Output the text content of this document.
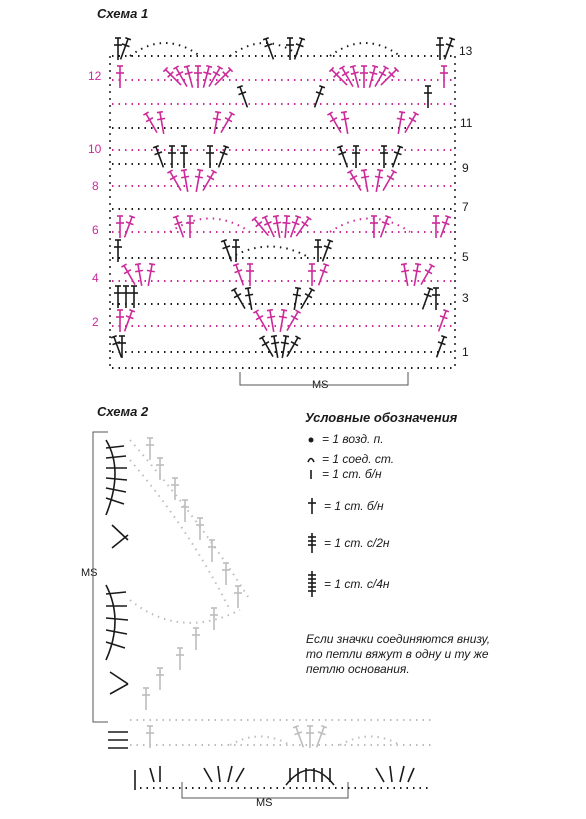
Схема 1
12
10
8
6
4
2
13
11
9
7
5
3
1
MS
Схема 2
MS
MS
Условные обозначения
= 1 возд. п.
= 1 соед. ст.
= 1 ст. б/н
= 1 ст. б/н
= 1 ст. с/2н
= 1 ст. с/4н
Если значки соединяются внизу, то петли вяжут в одну и ту же петлю основания.
